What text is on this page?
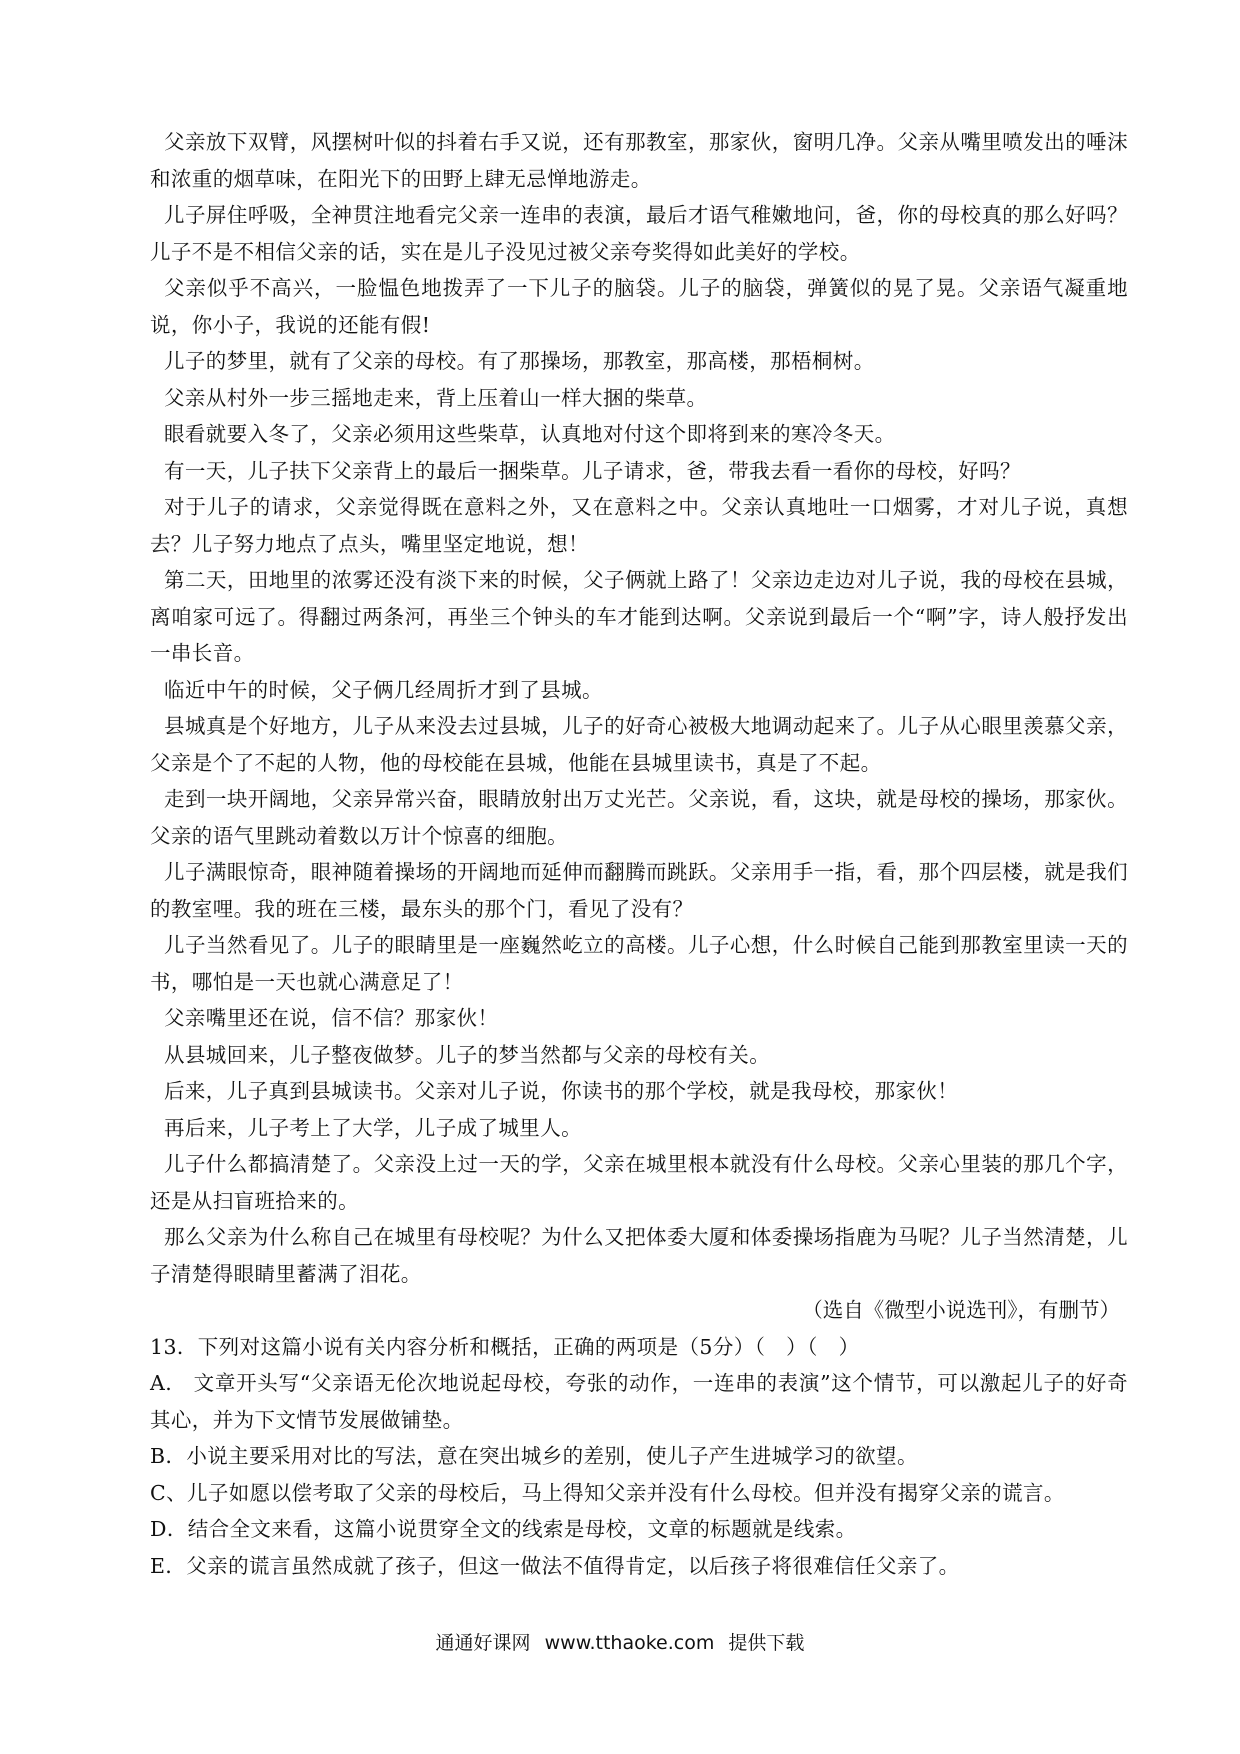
父亲放下双臂，风摆树叶似的抖着右手又说，还有那教室，那家伙，窗明几净。父亲从嘴里喷发出的唾沫和浓重的烟草味，在阳光下的田野上肆无忌惮地游走。

儿子屏住呼吸，全神贯注地看完父亲一连串的表演，最后才语气稚嫩地问，爸，你的母校真的那么好吗？儿子不是不相信父亲的话，实在是儿子没见过被父亲夸奖得如此美好的学校。

父亲似乎不高兴，一脸愠色地拨弄了一下儿子的脑袋。儿子的脑袋，弹簧似的晃了晃。父亲语气凝重地说，你小子，我说的还能有假!

儿子的梦里，就有了父亲的母校。有了那操场，那教室，那高楼，那梧桐树。

父亲从村外一步三摇地走来，背上压着山一样大捆的柴草。

眼看就要入冬了，父亲必须用这些柴草，认真地对付这个即将到来的寒冷冬天。

有一天，儿子扶下父亲背上的最后一捆柴草。儿子请求，爸，带我去看一看你的母校，好吗？

对于儿子的请求，父亲觉得既在意料之外，又在意料之中。父亲认真地吐一口烟雾，才对儿子说，真想去？儿子努力地点了点头，嘴里坚定地说，想！

第二天，田地里的浓雾还没有淡下来的时候，父子俩就上路了！父亲边走边对儿子说，我的母校在县城，离咱家可远了。得翻过两条河，再坐三个钟头的车才能到达啊。父亲说到最后一个“啊”字，诗人般抒发出一串长音。

临近中午的时候，父子俩几经周折才到了县城。

县城真是个好地方，儿子从来没去过县城，儿子的好奇心被极大地调动起来了。儿子从心眼里羡慕父亲，父亲是个了不起的人物，他的母校能在县城，他能在县城里读书，真是了不起。

走到一块开阔地，父亲异常兴奋，眼睛放射出万丈光芒。父亲说，看，这块，就是母校的操场，那家伙。父亲的语气里跳动着数以万计个惊喜的细胞。

儿子满眼惊奇，眼神随着操场的开阔地而延伸而翻腾而跳跃。父亲用手一指，看，那个四层楼，就是我们的教室哩。我的班在三楼，最东头的那个门，看见了没有？

儿子当然看见了。儿子的眼睛里是一座巍然屹立的高楼。儿子心想，什么时候自己能到那教室里读一天的书，哪怕是一天也就心满意足了！

父亲嘴里还在说，信不信？那家伙！

从县城回来，儿子整夜做梦。儿子的梦当然都与父亲的母校有关。

后来，儿子真到县城读书。父亲对儿子说，你读书的那个学校，就是我母校，那家伙！

再后来，儿子考上了大学，儿子成了城里人。

儿子什么都搞清楚了。父亲没上过一天的学，父亲在城里根本就没有什么母校。父亲心里装的那几个字，还是从扫盲班拾来的。

那么父亲为什么称自己在城里有母校呢？为什么又把体委大厦和体委操场指鹿为马呢？儿子当然清楚，儿子清楚得眼睛里蓄满了泪花。

（选自《微型小说选刊》，有删节）

13．下列对这篇小说有关内容分析和概括，正确的两项是（5分）（　）（　）

A.　文章开头写“父亲语无伦次地说起母校，夸张的动作，一连串的表演”这个情节，可以激起儿子的好奇其心，并为下文情节发展做铺垫。

B．小说主要采用对比的写法，意在突出城乡的差别，使儿子产生进城学习的欲望。

C、儿子如愿以偿考取了父亲的母校后，马上得知父亲并没有什么母校。但并没有揭穿父亲的谎言。

D．结合全文来看，这篇小说贯穿全文的线索是母校，文章的标题就是线索。

E．父亲的谎言虽然成就了孩子，但这一做法不值得肯定，以后孩子将很难信任父亲了。

通通好课网 www.tthaoke.com 提供下载
